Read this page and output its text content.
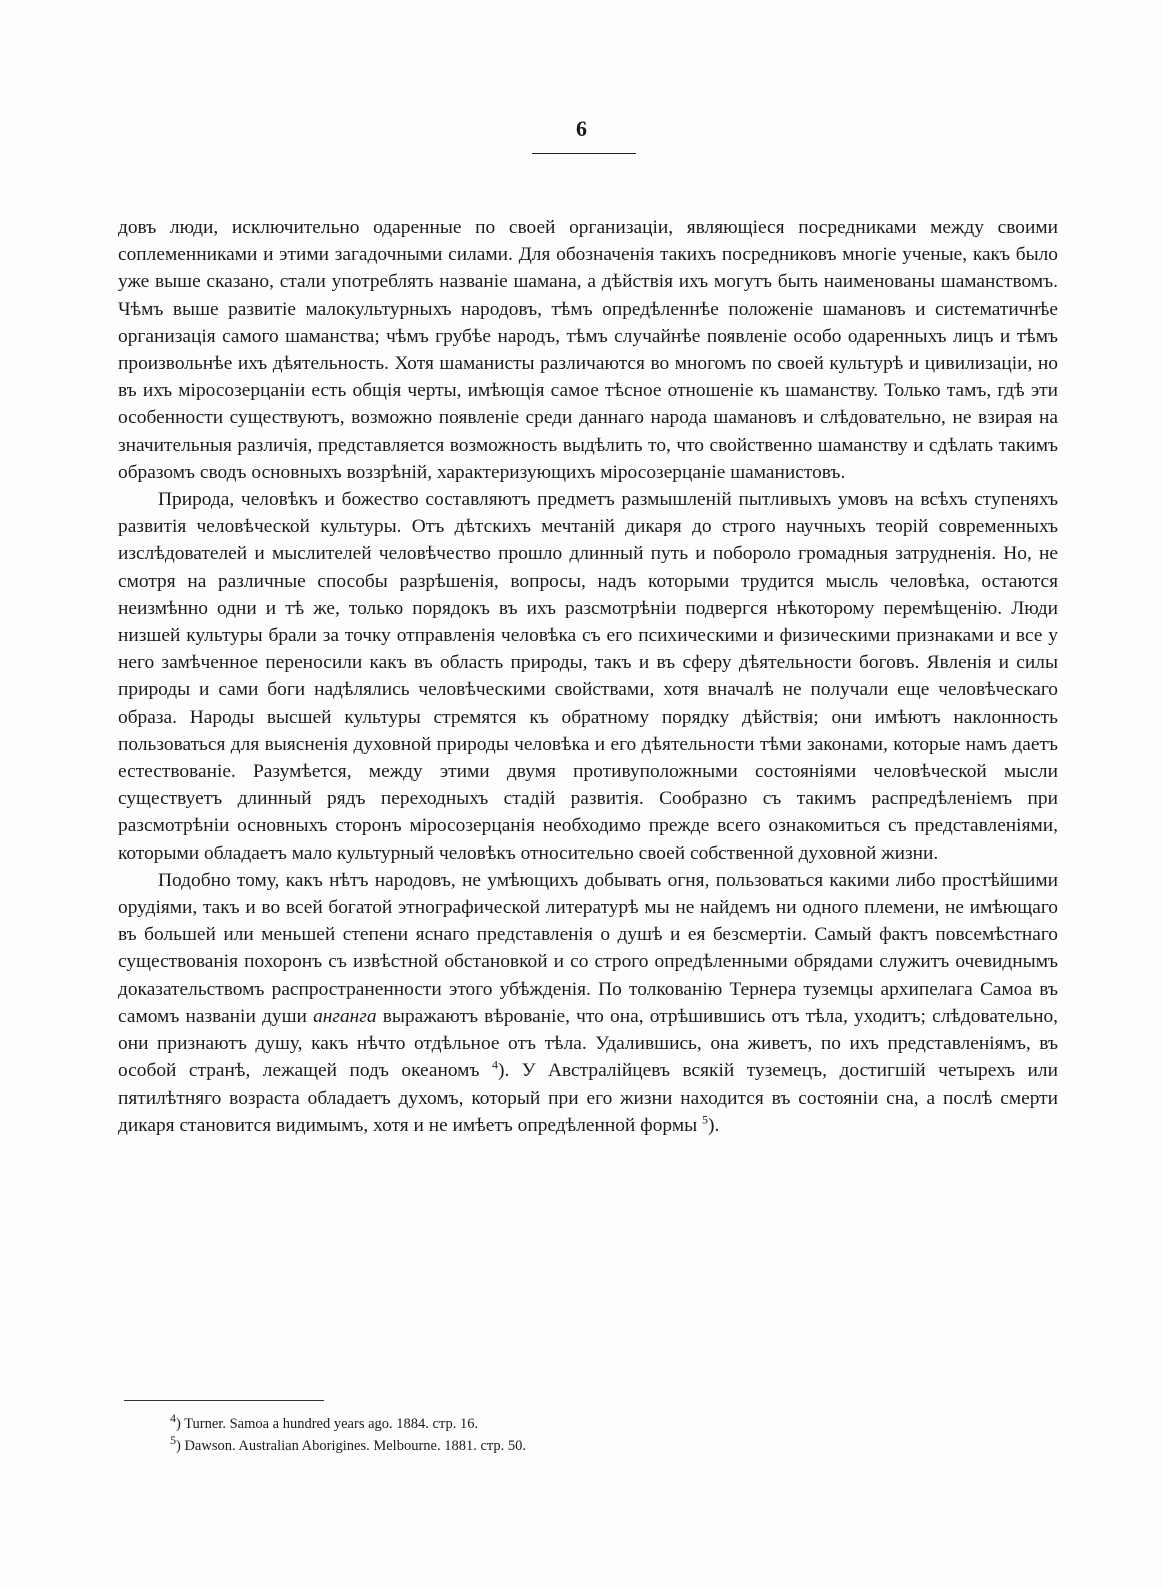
6

довъ люди, исключительно одаренные по своей организаціи, являющіеся посредниками между своими соплеменниками и этими загадочными силами. Для обозначенія такихъ посредниковъ многіе ученые, какъ было уже выше сказано, стали употреблять названіе шамана, а дѣйствія ихъ могутъ быть наименованы шаманствомъ. Чѣмъ выше развитіе малокультурныхъ народовъ, тѣмъ опредѣленнѣе положеніе шамановъ и систематичнѣе организація самого шаманства; чѣмъ грубѣе народъ, тѣмъ случайнѣе появленіе особо одаренныхъ лицъ и тѣмъ произвольнѣе ихъ дѣятельность. Хотя шаманисты различаются во многомъ по своей культурѣ и цивилизаціи, но въ ихъ міросозерцаніи есть общія черты, имѣющія самое тѣсное отношеніе къ шаманству. Только тамъ, гдѣ эти особенности существуютъ, возможно появленіе среди даннаго народа шамановъ и слѣдовательно, не взирая на значительныя различія, представляется возможность выдѣлить то, что свойственно шаманству и сдѣлать такимъ образомъ сводъ основныхъ воззрѣній, характеризующихъ міросозерцаніе шаманистовъ.

Природа, человѣкъ и божество составляютъ предметъ размышленій пытливыхъ умовъ на всѣхъ ступеняхъ развитія человѣческой культуры. Отъ дѣтскихъ мечтаній дикаря до строго научныхъ теорій современныхъ изслѣдователей и мыслителей человѣчество прошло длинный путь и побороло громадныя затрудненія. Но, не смотря на различные способы разрѣшенія, вопросы, надъ которыми трудится мысль человѣка, остаются неизмѣнно одни и тѣ же, только порядокъ въ ихъ разсмотрѣніи подвергся нѣкоторому перемѣщенію. Люди низшей культуры брали за точку отправленія человѣка съ его психическими и физическими признаками и все у него замѣченное переносили какъ въ область природы, такъ и въ сферу дѣятельности боговъ. Явленія и силы природы и сами боги надѣлялись человѣческими свойствами, хотя вначалѣ не получали еще человѣческаго образа. Народы высшей культуры стремятся къ обратному порядку дѣйствія; они имѣютъ наклонность пользоваться для выясненія духовной природы человѣка и его дѣятельности тѣми законами, которые намъ даетъ естествованіе. Разумѣется, между этими двумя противуположными состояніями человѣческой мысли существуетъ длинный рядъ переходныхъ стадій развитія. Сообразно съ такимъ распредѣленіемъ при разсмотрѣніи основныхъ сторонъ міросозерцанія необходимо прежде всего ознакомиться съ представленіями, которыми обладаетъ мало культурный человѣкъ относительно своей собственной духовной жизни.

Подобно тому, какъ нѣтъ народовъ, не умѣющихъ добывать огня, пользоваться какими либо простѣйшими орудіями, такъ и во всей богатой этнографической литературѣ мы не найдемъ ни одного племени, не имѣющаго въ большей или меньшей степени яснаго представленія о душѣ и ея безсмертіи. Самый фактъ повсемѣстнаго существованія похоронъ съ извѣстной обстановкой и со строго опредѣленными обрядами служитъ очевиднымъ доказательствомъ распространенности этого убѣжденія. По толкованію Тернера туземцы архипелага Самоа въ самомъ названіи души анганга выражаютъ вѣрованіе, что она, отрѣшившись отъ тѣла, уходитъ; слѣдовательно, они признаютъ душу, какъ нѣчто отдѣльное отъ тѣла. Удалившись, она живетъ, по ихъ представленіямъ, въ особой странѣ, лежащей подъ океаномъ $^4$). У Австралійцевъ всякій туземецъ, достигшій четырехъ или пятилѣтняго возраста обладаетъ духомъ, который при его жизни находится въ состояніи сна, а послѣ смерти дикаря становится видимымъ, хотя и не имѣетъ опредѣленной формы $^5$).

$^4$) Turner. Samoa a hundred years ago. 1884. стр. 16.
$^5$) Dawson. Australian Aborigines. Melbourne. 1881. стр. 50.
